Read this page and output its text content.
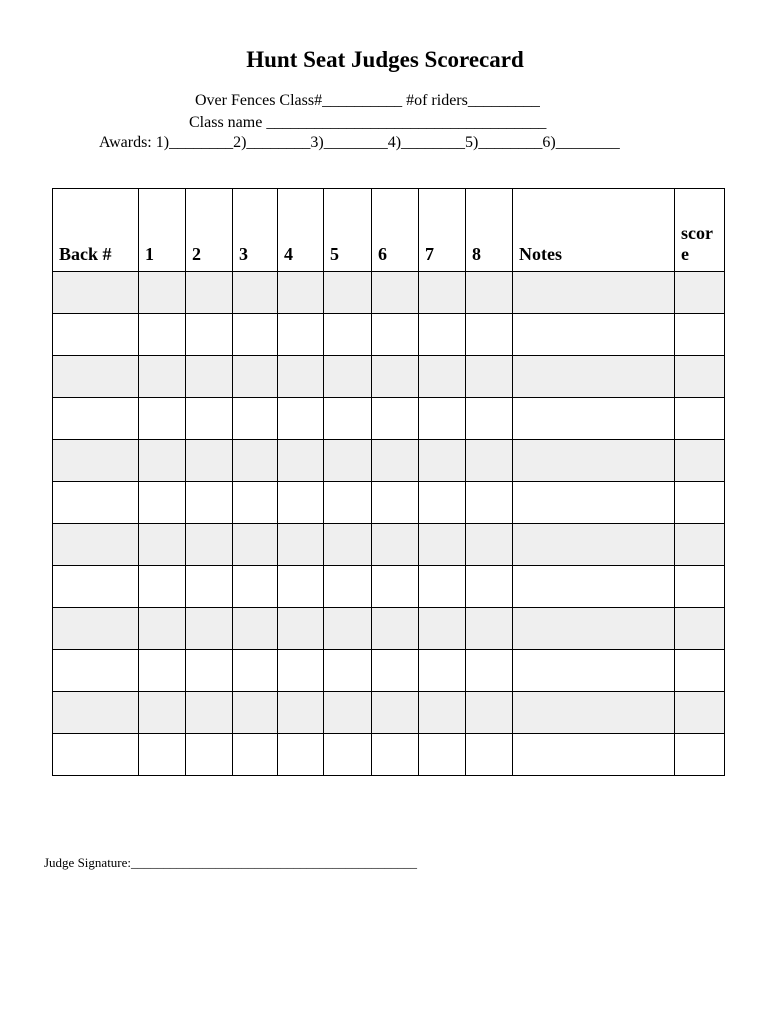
Hunt Seat Judges Scorecard
Over Fences Class#__________ #of riders_________
Class name ___________________________________
Awards: 1)________2)________3)________4)________5)________6)________
Back #	1	2	3	4	5	6	7	8	Notes	scor e

Judge Signature:____________________________________________
